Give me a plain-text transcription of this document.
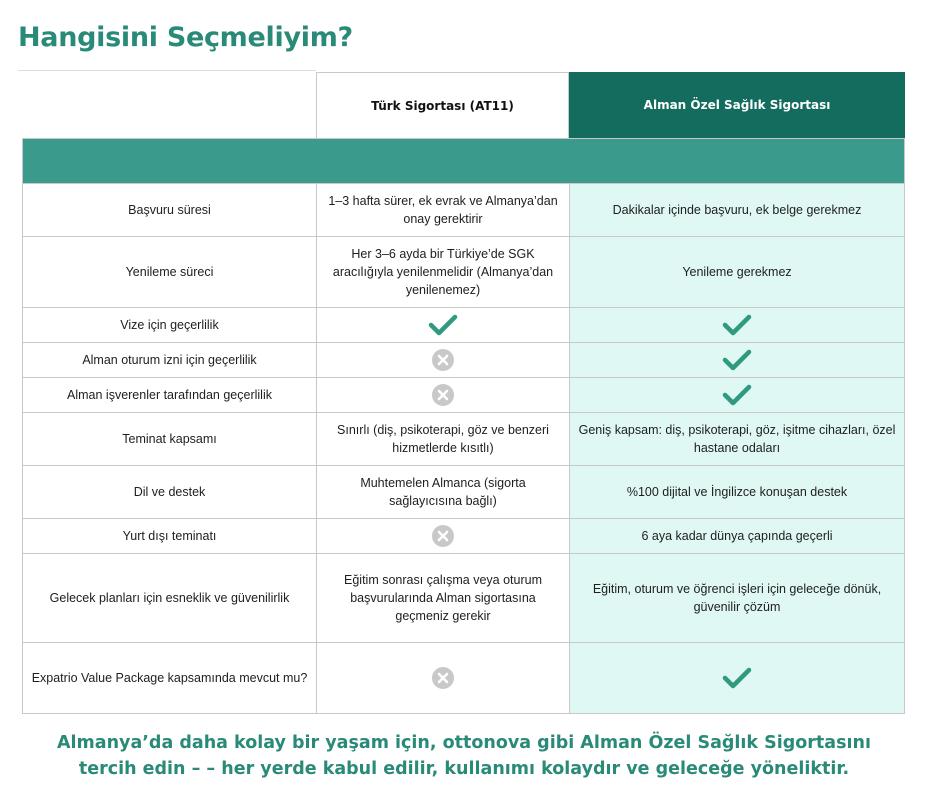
Hangisini Seçmeliyim?
Türk Sigortası (AT11)	Alman Özel Sağlık Sigortası
Başvuru süresi
1–3 hafta sürer, ek evrak ve Almanya’dan onay gerektirir
Dakikalar içinde başvuru, ek belge gerekmez
Yenileme süreci
Her 3–6 ayda bir Türkiye’de SGK aracılığıyla yenilenmelidir (Almanya’dan yenilenemez)
Yenileme gerekmez
Vize için geçerlilik
Alman oturum izni için geçerlilik
Alman işverenler tarafından geçerlilik
Teminat kapsamı
Sınırlı (diş, psikoterapi, göz ve benzeri hizmetlerde kısıtlı)
Geniş kapsam: diş, psikoterapi, göz, işitme cihazları, özel hastane odaları
Dil ve destek
Muhtemelen Almanca (sigorta sağlayıcısına bağlı)
%100 dijital ve İngilizce konuşan destek
Yurt dışı teminatı	6 aya kadar dünya çapında geçerli
Gelecek planları için esneklik ve güvenilirlik
Eğitim sonrası çalışma veya oturum başvurularında Alman sigortasına geçmeniz gerekir
Eğitim, oturum ve öğrenci işleri için geleceğe dönük, güvenilir çözüm
Expatrio Value Package kapsamında mevcut mu?
Almanya’da daha kolay bir yaşam için, ottonova gibi Alman Özel Sağlık Sigortasını
tercih edin – – her yerde kabul edilir, kullanımı kolaydır ve geleceğe yöneliktir.
